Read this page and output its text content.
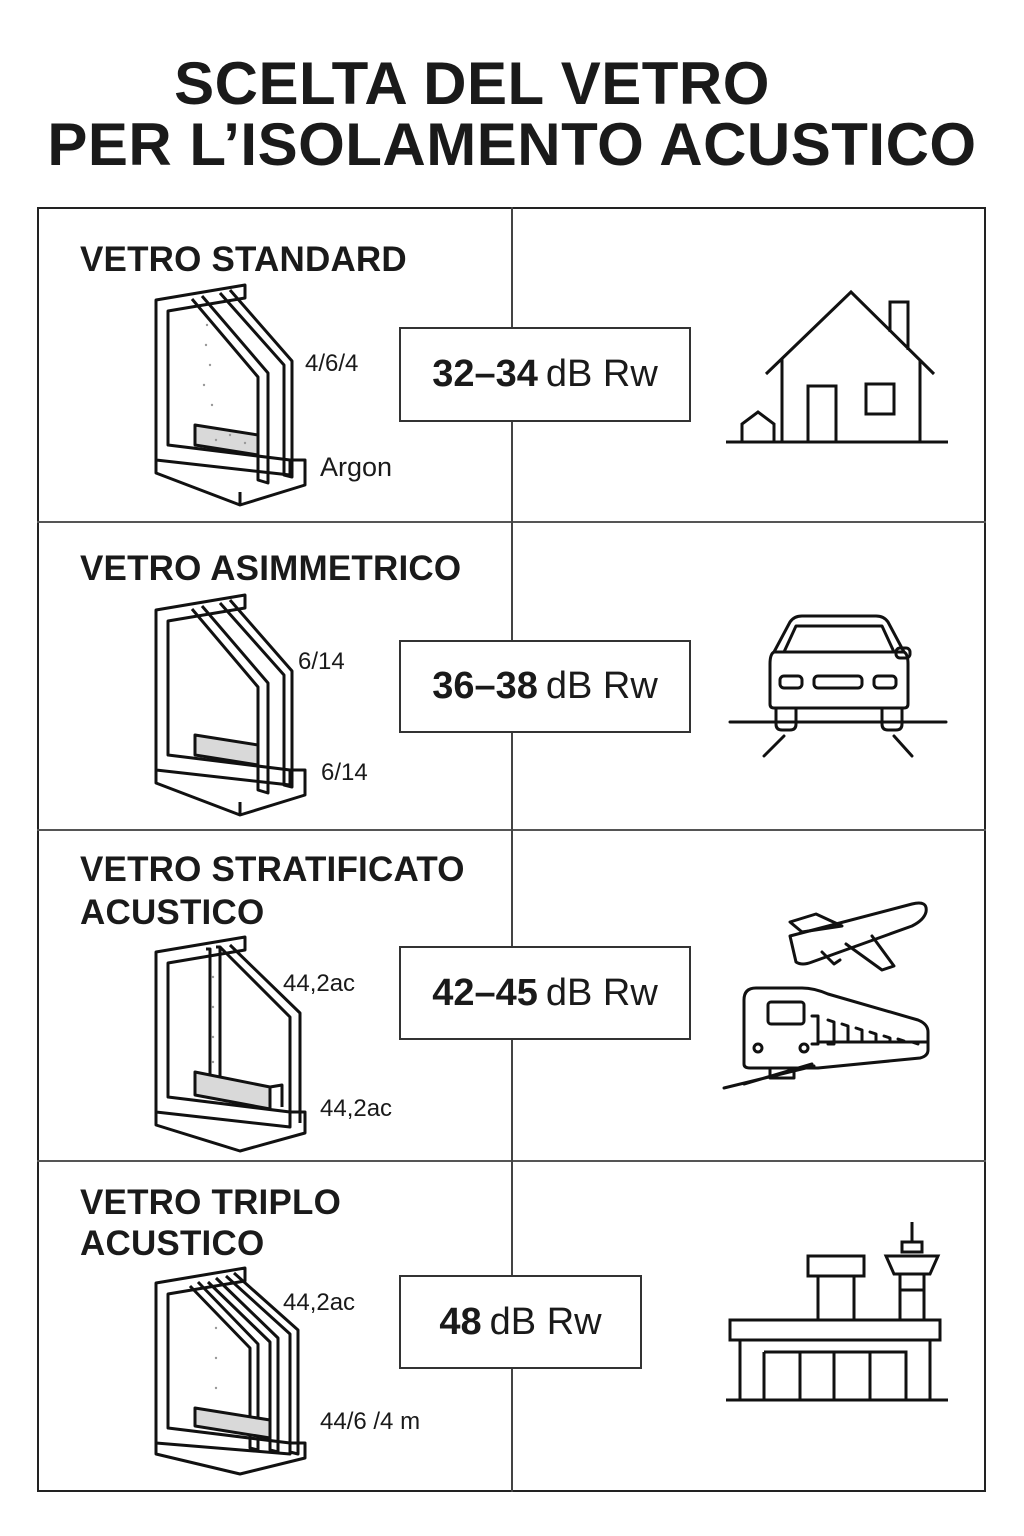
SCELTA DEL VETRO
PER L’ISOLAMENTO ACUSTICO
VETRO STANDARD
4/6/4
Argon
32–34 dB Rw
VETRO ASIMMETRICO
6/14
6/14
36–38 dB Rw
VETRO STRATIFICATO
ACUSTICO
44,2ac
44,2ac
42–45 dB Rw
VETRO TRIPLO
ACUSTICO
44,2ac
44/6 /4 m
48 dB Rw
